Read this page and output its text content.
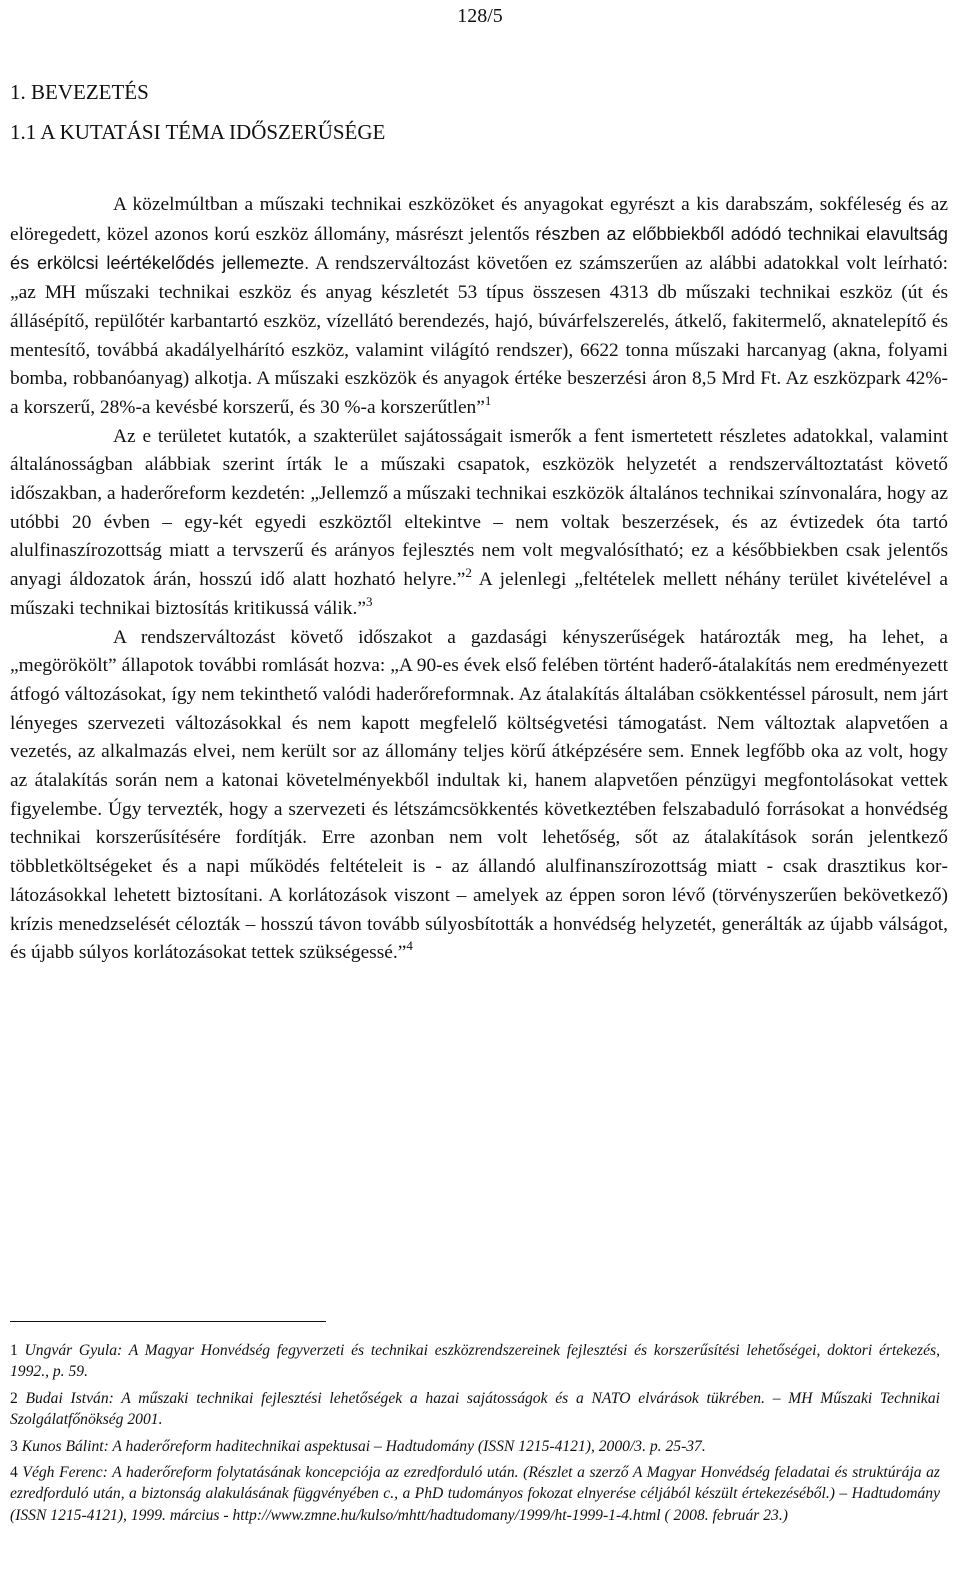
128/5
1. BEVEZETÉS
1.1 A KUTATÁSI TÉMA IDŐSZERŰSÉGE

A közelmúltban a műszaki technikai eszközöket és anyagokat egyrészt a kis darabszám, sokféleség és az elöregedett, közel azonos korú eszköz állomány, másrészt jelentős részben az előbbiekből adódó technikai elavultság és erkölcsi leértékelődés jellemezte. A rendszerváltozást követően ez számszerűen az alábbi adatokkal volt leírható: „az MH műszaki technikai eszköz és anyag készletét 53 típus összesen 4313 db műszaki technikai eszköz (út és állásépítő, repülőtér karbantartó eszköz, vízellátó berendezés, hajó, búvárfelszerelés, átkelő, fakitermelő, aknatelepítő és mentesítő, továbbá akadályelhárító eszköz, valamint világító rendszer), 6622 tonna műszaki harcanyag (akna, folyami bomba, robbanóanyag) alkotja. A műszaki eszközök és anyagok értéke beszerzési áron 8,5 Mrd Ft. Az eszközpark 42%-a korszerű, 28%-a kevésbé korszerű, és 30 %-a korszerűtlen”$^1$

Az e területet kutatók, a szakterület sajátosságait ismerők a fent ismertetett részletes adatokkal, valamint általánosságban alábbiak szerint írták le a műszaki csapatok, eszközök helyzetét a rendszerváltoztatást követő időszakban, a haderőreform kezdetén: „Jellemző a műszaki technikai eszközök általános technikai színvonalára, hogy az utóbbi 20 évben – egy-két egyedi eszköztől eltekintve – nem voltak beszerzések, és az évtizedek óta tartó alulfinaszírozottság miatt a tervszerű és arányos fejlesztés nem volt megvalósítható; ez a későbbiekben csak jelentős anyagi áldozatok árán, hosszú idő alatt hozható helyre.”$^2$ A jelenlegi „feltételek mellett néhány terület kivételével a műszaki technikai biztosítás kritikussá válik.”$^3$

A rendszerváltozást követő időszakot a gazdasági kényszerűségek határozták meg, ha lehet, a „megörökölt” állapotok további romlását hozva: „A 90-es évek első felében történt haderő-átalakítás nem eredményezett átfogó változásokat, így nem tekinthető valódi haderőreformnak. Az átalakítás általában csökkentéssel párosult, nem járt lényeges szervezeti változásokkal és nem kapott megfelelő költségvetési támogatást. Nem változtak alapvetően a vezetés, az alkalmazás elvei, nem került sor az állomány teljes körű átképzésére sem. Ennek legfőbb oka az volt, hogy az átalakítás során nem a katonai követelményekből indultak ki, hanem alapvetően pénzügyi megfontolásokat vettek figyelembe. Úgy tervezték, hogy a szervezeti és létszámcsökkentés következtében felszabaduló forrásokat a honvédség technikai korszerűsítésére fordítják. Erre azonban nem volt lehetőség, sőt az átalakítások során jelentkező többletköltségeket és a napi működés feltételeit is - az állandó alulfinanszírozottság miatt - csak drasztikus korlátozásokkal lehetett biztosítani. A korlátozások viszont – amelyek az éppen soron lévő (törvényszerűen bekövetkező) krízis menedzselését célozták – hosszú távon tovább súlyosbították a honvédség helyzetét, generálták az újabb válságot, és újabb súlyos korlátozásokat tettek szükségessé.”$^4$

1 Ungvár Gyula: A Magyar Honvédség fegyverzeti és technikai eszközrendszereinek fejlesztési és korszerűsítési lehetőségei, doktori értekezés, 1992., p. 59.

2 Budai István: A műszaki technikai fejlesztési lehetőségek a hazai sajátosságok és a NATO elvárások tükrében. – MH Műszaki Technikai Szolgálatfőnökség 2001.

3 Kunos Bálint: A haderőreform haditechnikai aspektusai – Hadtudomány (ISSN 1215-4121), 2000/3. p. 25-37.

4 Végh Ferenc: A haderőreform folytatásának koncepciója az ezredforduló után. (Részlet a szerző A Magyar Honvédség feladatai és struktúrája az ezredforduló után, a biztonság alakulásának függvényében c., a PhD tudományos fokozat elnyerése céljából készült értekezéséből.) – Hadtudomány (ISSN 1215-4121), 1999. március - http://www.zmne.hu/kulso/mhtt/hadtudomany/1999/ht-1999-1-4.html ( 2008. február 23.)
